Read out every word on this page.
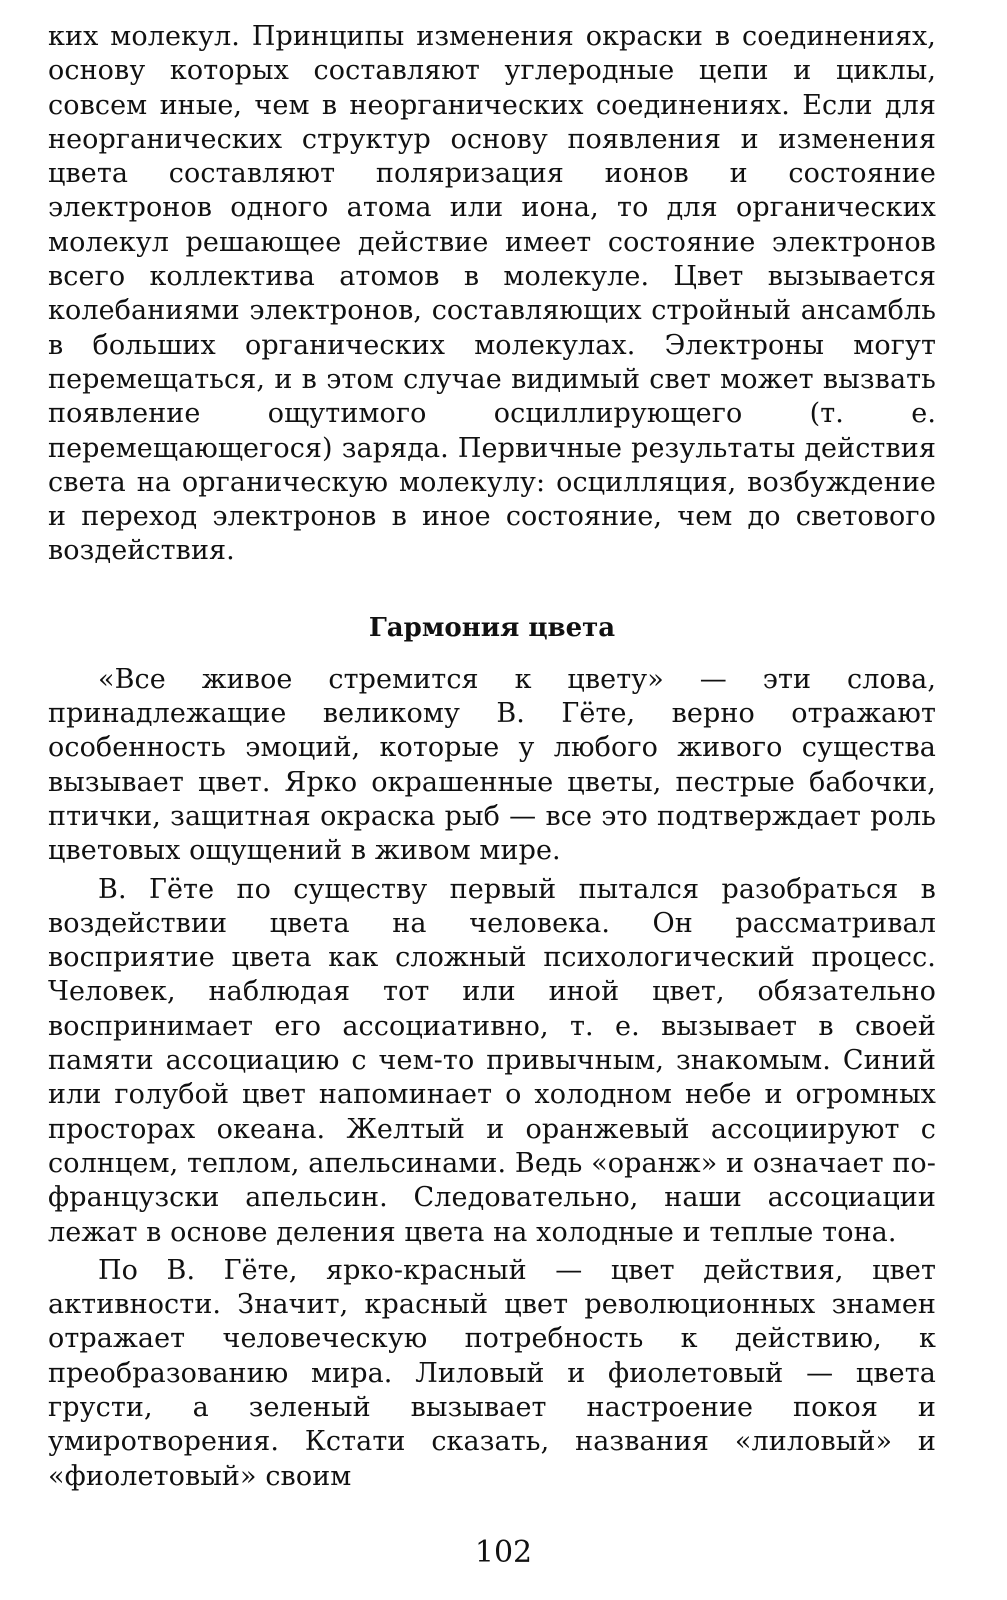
ких молекул. Принципы изменения окраски в соединениях, основу которых составляют углеродные цепи и циклы, совсем иные, чем в неорганических соединениях. Если для неорганических структур основу появления и изменения цвета составляют поляризация ионов и состояние электронов одного атома или иона, то для органических молекул решающее действие имеет состояние электронов всего коллектива атомов в молекуле. Цвет вызывается колебаниями электронов, составляющих стройный ансамбль в больших органических молекулах. Электроны могут перемещаться, и в этом случае видимый свет может вызвать появление ощутимого осциллирующего (т. е. перемещающегося) заряда. Первичные результаты действия света на органическую молекулу: осцилляция, возбуждение и переход электронов в иное состояние, чем до светового воздействия.

Гармония цвета

«Все живое стремится к цвету» — эти слова, принадлежащие великому В. Гёте, верно отражают особенность эмоций, которые у любого живого существа вызывает цвет. Ярко окрашенные цветы, пестрые бабочки, птички, защитная окраска рыб — все это подтверждает роль цветовых ощущений в живом мире.

В. Гёте по существу первый пытался разобраться в воздействии цвета на человека. Он рассматривал восприятие цвета как сложный психологический процесс. Человек, наблюдая тот или иной цвет, обязательно воспринимает его ассоциативно, т. е. вызывает в своей памяти ассоциацию с чем-то привычным, знакомым. Синий или голубой цвет напоминает о холодном небе и огромных просторах океана. Желтый и оранжевый ассоциируют с солнцем, теплом, апельсинами. Ведь «оранж» и означает по-французски апельсин. Следовательно, наши ассоциации лежат в основе деления цвета на холодные и теплые тона.

По В. Гёте, ярко-красный — цвет действия, цвет активности. Значит, красный цвет революционных знамен отражает человеческую потребность к действию, к преобразованию мира. Лиловый и фиолетовый — цвета грусти, а зеленый вызывает настроение покоя и умиротворения. Кстати сказать, названия «лиловый» и «фиолетовый» своим

102
